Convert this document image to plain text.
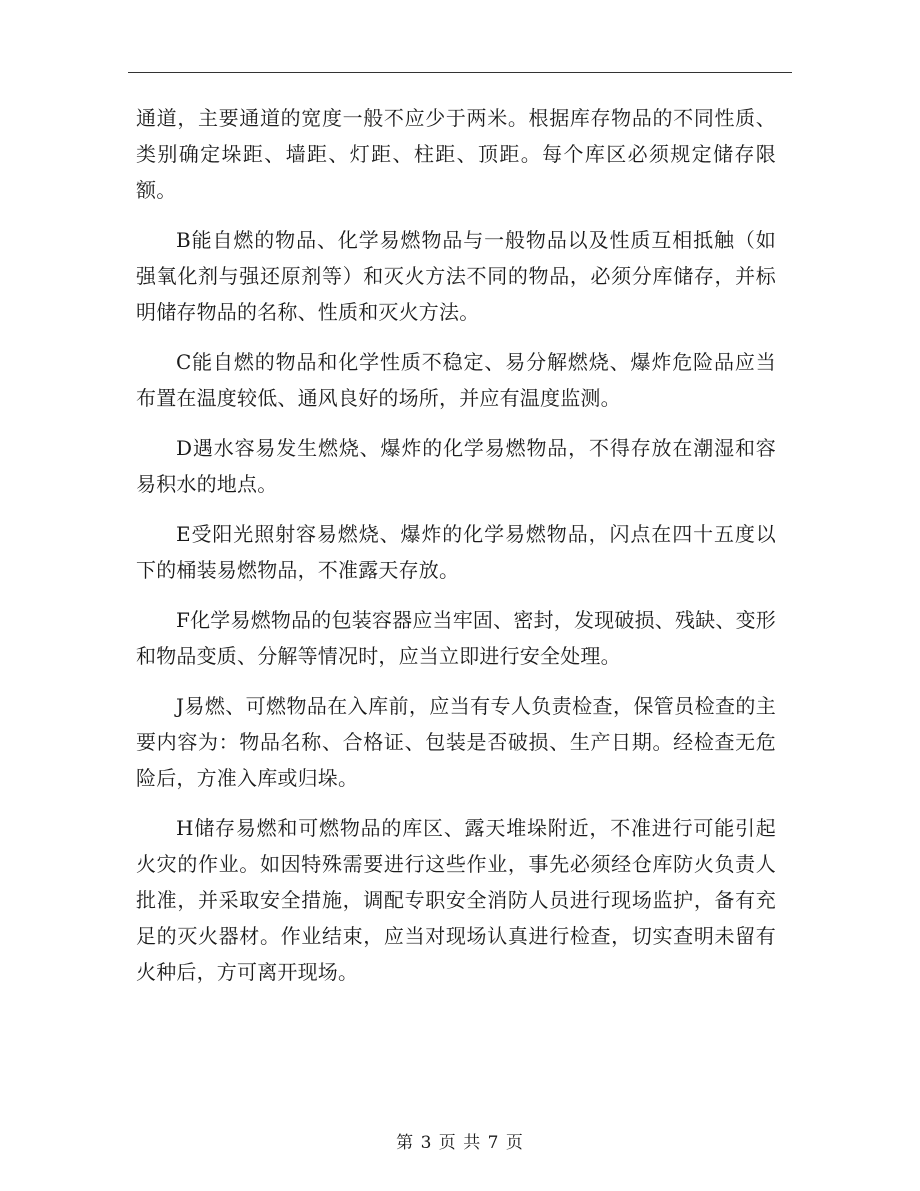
通道，主要通道的宽度一般不应少于两米。根据库存物品的不同性质、类别确定垛距、墙距、灯距、柱距、顶距。每个库区必须规定储存限额。

B能自燃的物品、化学易燃物品与一般物品以及性质互相抵触（如强氧化剂与强还原剂等）和灭火方法不同的物品，必须分库储存，并标明储存物品的名称、性质和灭火方法。

C能自燃的物品和化学性质不稳定、易分解燃烧、爆炸危险品应当布置在温度较低、通风良好的场所，并应有温度监测。

D遇水容易发生燃烧、爆炸的化学易燃物品，不得存放在潮湿和容易积水的地点。

E受阳光照射容易燃烧、爆炸的化学易燃物品，闪点在四十五度以下的桶装易燃物品，不准露天存放。

F化学易燃物品的包装容器应当牢固、密封，发现破损、残缺、变形和物品变质、分解等情况时，应当立即进行安全处理。

J易燃、可燃物品在入库前，应当有专人负责检查，保管员检查的主要内容为：物品名称、合格证、包装是否破损、生产日期。经检查无危险后，方准入库或归垛。

H储存易燃和可燃物品的库区、露天堆垛附近，不准进行可能引起火灾的作业。如因特殊需要进行这些作业，事先必须经仓库防火负责人批准，并采取安全措施，调配专职安全消防人员进行现场监护，备有充足的灭火器材。作业结束，应当对现场认真进行检查，切实查明未留有火种后，方可离开现场。

第 3 页 共 7 页
